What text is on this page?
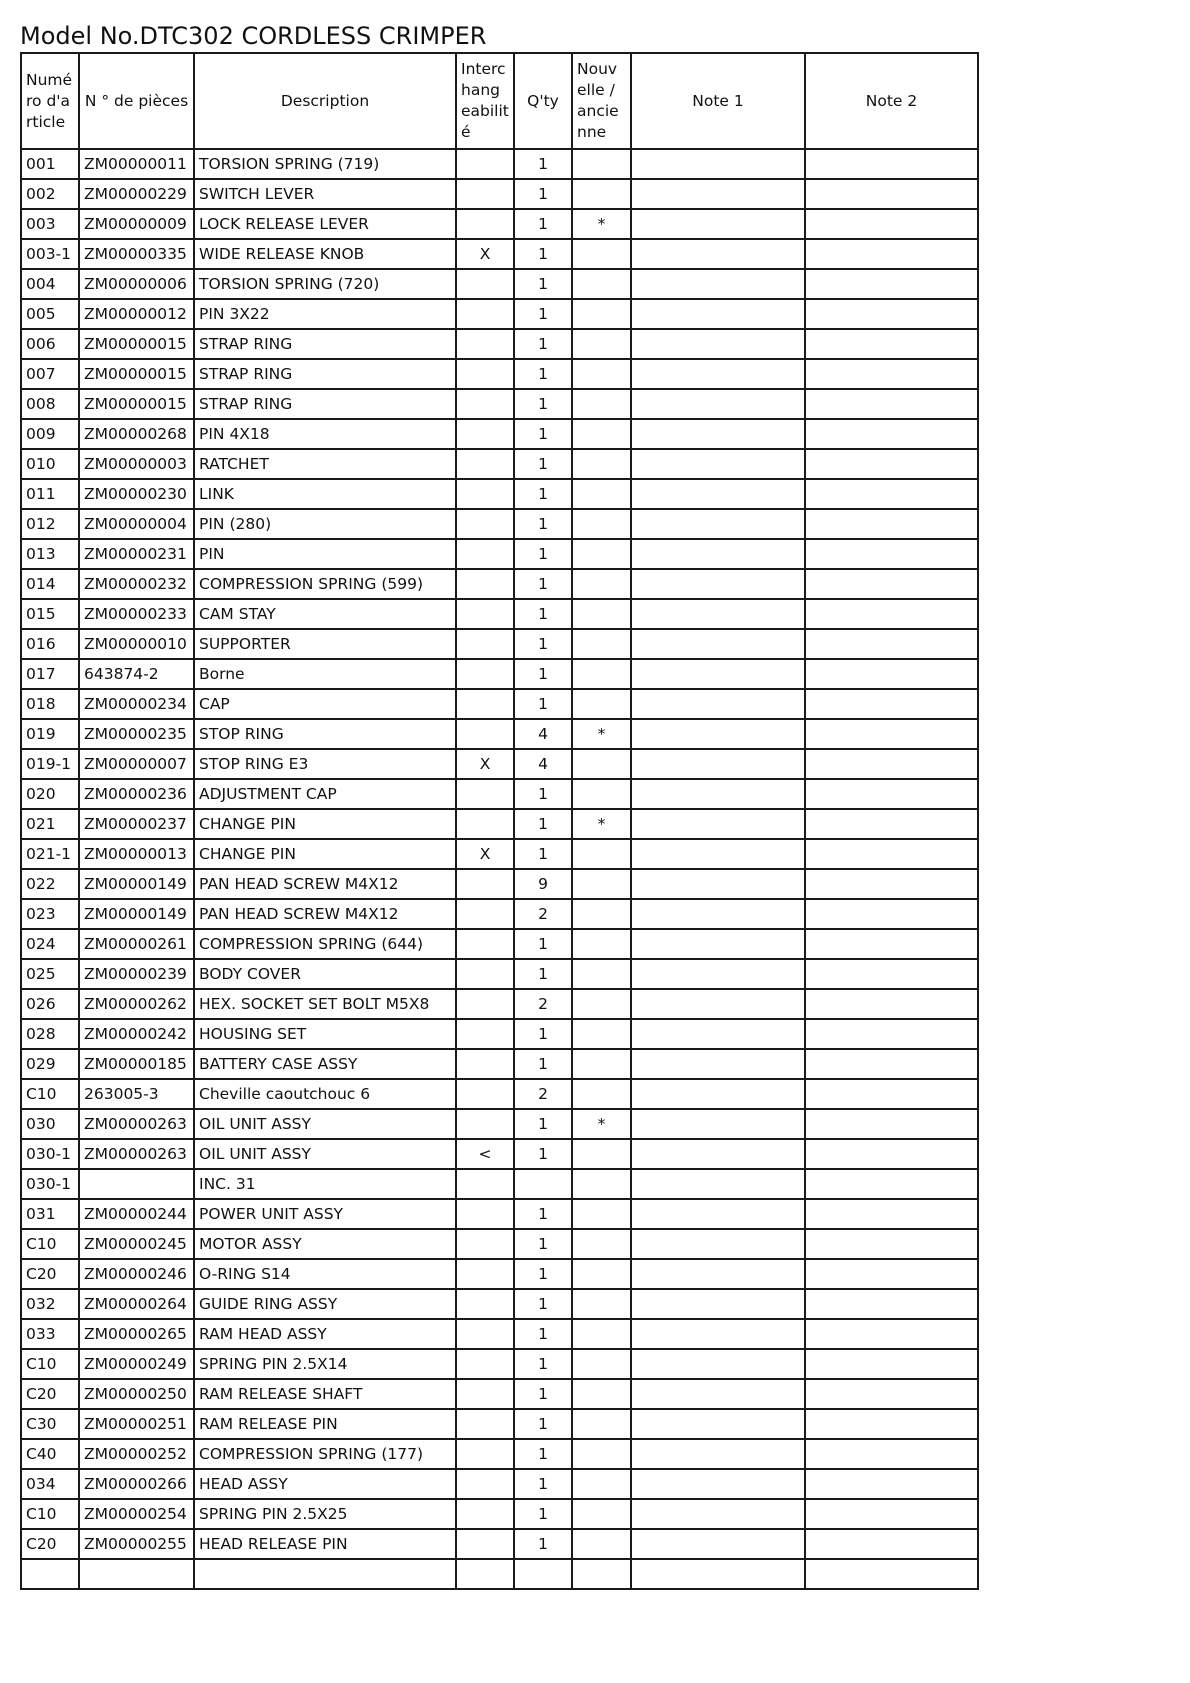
Model No.DTC302 CORDLESS CRIMPER
Numé ro d'a rticle	N ° de pièces	Description	Interc hang eabilit é	Q'ty	Nouv elle / ancie nne	Note 1	Note 2
001	ZM00000011	TORSION SPRING (719)		1			
002	ZM00000229	SWITCH LEVER		1			
003	ZM00000009	LOCK RELEASE LEVER		1	*		
003-1	ZM00000335	WIDE RELEASE KNOB	X	1			
004	ZM00000006	TORSION SPRING (720)		1			
005	ZM00000012	PIN 3X22		1			
006	ZM00000015	STRAP RING		1			
007	ZM00000015	STRAP RING		1			
008	ZM00000015	STRAP RING		1			
009	ZM00000268	PIN 4X18		1			
010	ZM00000003	RATCHET		1			
011	ZM00000230	LINK		1			
012	ZM00000004	PIN (280)		1			
013	ZM00000231	PIN		1			
014	ZM00000232	COMPRESSION SPRING (599)		1			
015	ZM00000233	CAM STAY		1			
016	ZM00000010	SUPPORTER		1			
017	643874-2	Borne		1			
018	ZM00000234	CAP		1			
019	ZM00000235	STOP RING		4	*		
019-1	ZM00000007	STOP RING E3	X	4			
020	ZM00000236	ADJUSTMENT CAP		1			
021	ZM00000237	CHANGE PIN		1	*		
021-1	ZM00000013	CHANGE PIN	X	1			
022	ZM00000149	PAN HEAD SCREW M4X12		9			
023	ZM00000149	PAN HEAD SCREW M4X12		2			
024	ZM00000261	COMPRESSION SPRING (644)		1			
025	ZM00000239	BODY COVER		1			
026	ZM00000262	HEX. SOCKET SET BOLT M5X8		2			
028	ZM00000242	HOUSING SET		1			
029	ZM00000185	BATTERY CASE ASSY		1			
C10	263005-3	Cheville caoutchouc 6		2			
030	ZM00000263	OIL UNIT ASSY		1	*		
030-1	ZM00000263	OIL UNIT ASSY	<	1			
030-1		INC. 31					
031	ZM00000244	POWER UNIT ASSY		1			
C10	ZM00000245	MOTOR ASSY		1			
C20	ZM00000246	O-RING S14		1			
032	ZM00000264	GUIDE RING ASSY		1			
033	ZM00000265	RAM HEAD ASSY		1			
C10	ZM00000249	SPRING PIN 2.5X14		1			
C20	ZM00000250	RAM RELEASE SHAFT		1			
C30	ZM00000251	RAM RELEASE PIN		1			
C40	ZM00000252	COMPRESSION SPRING (177)		1			
034	ZM00000266	HEAD ASSY		1			
C10	ZM00000254	SPRING PIN 2.5X25		1			
C20	ZM00000255	HEAD RELEASE PIN		1			
